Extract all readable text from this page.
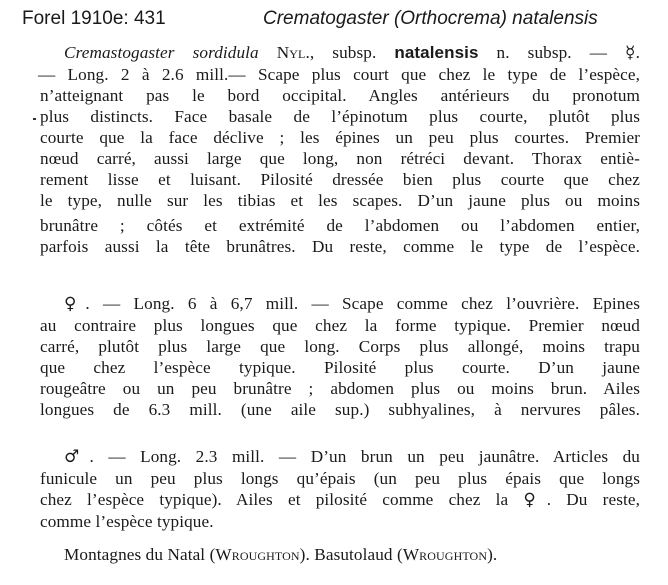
Forel 1910e: 431	Crematogaster (Orthocrema) natalensis
Cremastogaster sordidula Nyl., subsp. natalensis n. subsp. — ☿.
— Long. 2 à 2.6 mill.— Scape plus court que chez le type de l’espèce,
n’atteignant pas le bord occipital. Angles antérieurs du pronotum
plus distincts. Face basale de l’épinotum plus courte, plutôt plus
courte que la face déclive ; les épines un peu plus courtes. Premier
nœud carré, aussi large que long, non rétréci devant. Thorax entiè-
rement lisse et luisant. Pilosité dressée bien plus courte que chez
le type, nulle sur les tibias et les scapes. D’un jaune plus ou moins
brunâtre ; côtés et extrémité de l’abdomen ou l’abdomen entier,
parfois aussi la tête brunâtres. Du reste, comme le type de l’espèce.
♀. — Long. 6 à 6,7 mill. — Scape comme chez l’ouvrière. Epines
au contraire plus longues que chez la forme typique. Premier nœud
carré, plutôt plus large que long. Corps plus allongé, moins trapu
que chez l’espèce typique. Pilosité plus courte. D’un jaune
rougeâtre ou un peu brunâtre ; abdomen plus ou moins brun. Ailes
longues de 6.3 mill. (une aile sup.) subhyalines, à nervures pâles.
♂. — Long. 2.3 mill. — D’un brun un peu jaunâtre. Articles du
funicule un peu plus longs qu’épais (un peu plus épais que longs
chez l’espèce typique). Ailes et pilosité comme chez la ♀. Du reste,
comme l’espèce typique.
Montagnes du Natal (Wroughton). Basutolaud (Wroughton).
